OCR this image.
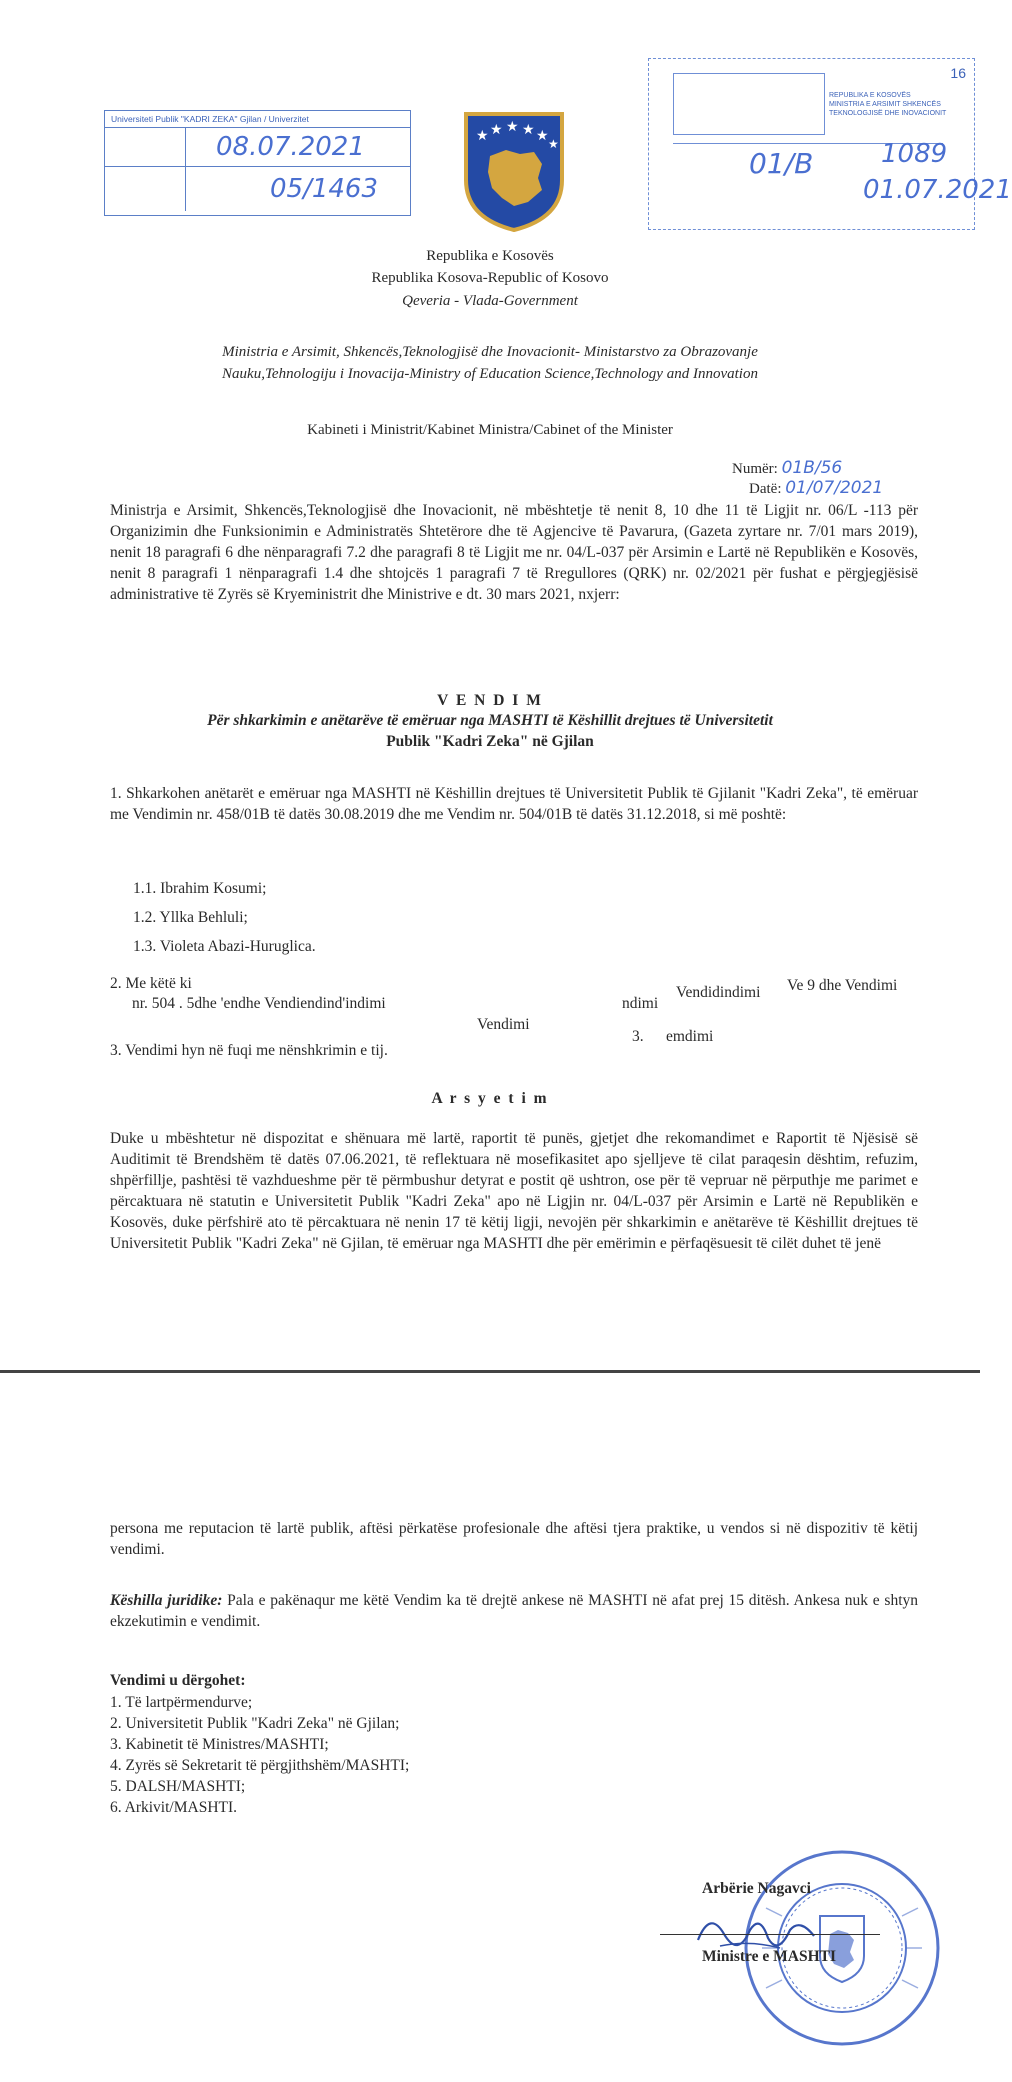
Universiteti Publik "KADRI ZEKA" Gjilan / Univerzitet
08.07.2021
05/1463
★ ★ ★ ★ ★ ★
16
REPUBLIKA E KOSOVËS
MINISTRIA E ARSIMIT SHKENCËS
TEKNOLOGJISË DHE INOVACIONIT
01/B	1089
01.07.2021
Republika e Kosovës
Republika Kosova-Republic of Kosovo
Qeveria - Vlada-Government
Ministria e Arsimit, Shkencës,Teknologjisë dhe Inovacionit- Ministarstvo za Obrazovanje
Nauku,Tehnologiju i Inovacija-Ministry of Education Science,Technology and Innovation
Kabineti i Ministrit/Kabinet Ministra/Cabinet of the Minister
Numër: 01B/56
Datë: 01/07/2021
Ministrja e Arsimit, Shkencës,Teknologjisë dhe Inovacionit, në mbështetje të nenit 8, 10 dhe 11 të Ligjit nr. 06/L -113 për Organizimin dhe Funksionimin e Administratës Shtetërore dhe të Agjencive të Pavarura, (Gazeta zyrtare nr. 7/01 mars 2019), nenit 18 paragrafi 6 dhe nënparagrafi 7.2 dhe paragrafi 8 të Ligjit me nr. 04/L-037 për Arsimin e Lartë në Republikën e Kosovës, nenit 8 paragrafi 1 nënparagrafi 1.4 dhe shtojcës 1 paragrafi 7 të Rregullores (QRK) nr. 02/2021 për fushat e përgjegjësisë administrative të Zyrës së Kryeministrit dhe Ministrive e dt. 30 mars 2021, nxjerr:
V E N D I M
Për shkarkimin e anëtarëve të emëruar nga MASHTI të Këshillit drejtues të Universitetit
Publik "Kadri Zeka" në Gjilan
1. Shkarkohen anëtarët e emëruar nga MASHTI në Këshillin drejtues të Universitetit Publik të Gjilanit "Kadri Zeka", të emëruar me Vendimin nr. 458/01B të datës 30.08.2019 dhe me Vendim nr. 504/01B të datës 31.12.2018, si më poshtë:
1.1. Ibrahim Kosumi;
1.2. Yllka Behluli;
1.3. Violeta Abazi-Huruglica.
2. Me këtë ki
nr. 504 . 5dhe 'endhe Vendiendind'indimi	ndimi
Vendidindimi Ve 9 dhe Vendimi
Vendimi
3. emdimi
3. Vendimi hyn në fuqi me nënshkrimin e tij.
A r s y e t i m
Duke u mbështetur në dispozitat e shënuara më lartë, raportit të punës, gjetjet dhe rekomandimet e Raportit të Njësisë së Auditimit të Brendshëm të datës 07.06.2021, të reflektuara në mosefikasitet apo sjelljeve të cilat paraqesin dështim, refuzim, shpërfillje, pashtësi të vazhdueshme për të përmbushur detyrat e postit që ushtron, ose për të vepruar në përputhje me parimet e përcaktuara në statutin e Universitetit Publik "Kadri Zeka" apo në Ligjin nr. 04/L-037 për Arsimin e Lartë në Republikën e Kosovës, duke përfshirë ato të përcaktuara në nenin 17 të këtij ligji, nevojën për shkarkimin e anëtarëve të Këshillit drejtues të Universitetit Publik "Kadri Zeka" në Gjilan, të emëruar nga MASHTI dhe për emërimin e përfaqësuesit të cilët duhet të jenë
persona me reputacion të lartë publik, aftësi përkatëse profesionale dhe aftësi tjera praktike, u vendos si në dispozitiv të këtij vendimi.
Këshilla juridike: Pala e pakënaqur me këtë Vendim ka të drejtë ankese në MASHTI në afat prej 15 ditësh. Ankesa nuk e shtyn ekzekutimin e vendimit.
Vendimi u dërgohet:
1. Të lartpërmendurve;
2. Universitetit Publik "Kadri Zeka" në Gjilan;
3. Kabinetit të Ministres/MASHTI;
4. Zyrës së Sekretarit të përgjithshëm/MASHTI;
5. DALSH/MASHTI;
6. Arkivit/MASHTI.
Arbërie Nagavci
Ministre e MASHTI
